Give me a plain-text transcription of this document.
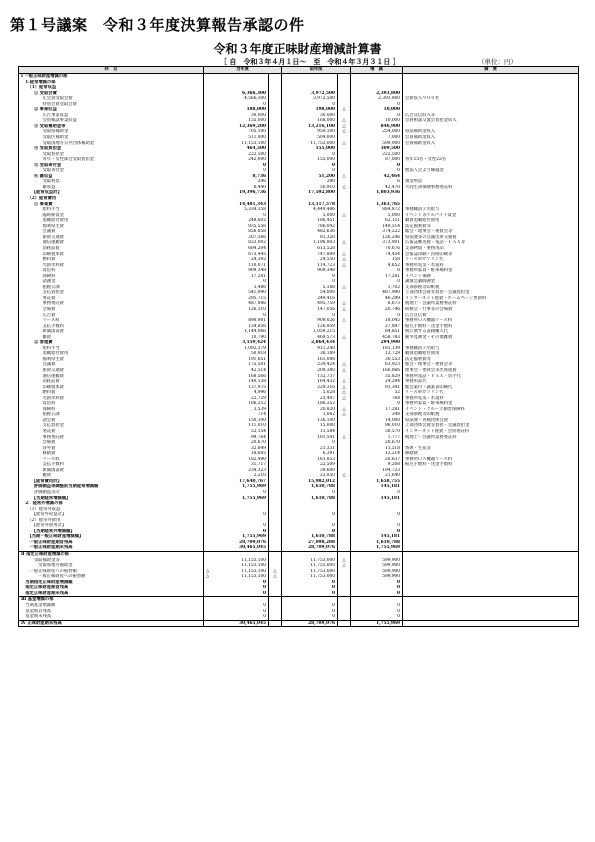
第１号議案　令和３年度決算報告承認の件
令和３年度正味財産増減計算書
［ 自　令和３年４月１日～　至　令和４年３月３１日 ］	（単位：円）
科　目	当年度		前年度		増　減	摘　要
Ⅰ 一般正味財産増減の部						
　1.経常増減の部						
　　（1）経常収益						
　　　① 受取会費	6,366,300		3,972,500		2,393,800	
　　　　　正会員受取会費	4,566,300		3,972,500		2,393,800	会費収入９００社
　　　　　特別会員受取会費	0		0		0	
　　　② 事業収益	188,000		198,000	△	10,000	
　　　　　広告事業収益	30,000		30,000		0	広告宣伝収入等
　　　　　会員相談事業収益	155,000		168,000	△	10,000	会員相談交流会負担金収入
　　　③ 受取補助金等	12,369,200		13,216,100	△	846,900	
　　　　　受取県補助金	705,100		959,100	△	254,000	県法補助金収入
　　　　　受取区補助金	511,000		504,000		7,000	会員補助金収入
　　　　　受取国地方公共団体補助金	11,153,100		11,753,000	△	599,900	会員補助金収入
　　　④ 受取負担金	464,500		155,000		309,500	
　　　　　受取負担金	222,500		0		222,500	
　　　　　青年・女性部会受取負担金	242,000		155,000		87,000	青年15名・女性22名
　　　⑤ 受取寄付金	0		0		0	
　　　　　受取寄付金	0		0		0	他法人会より繰越金
　　　⑥ 雑収益	8,736		51,200	△	42,464	
　　　　　受取利息	296		290		6	預金利息
　　　　　雑収益	8,440		50,910	△	42,470	大同生命保険事務委託料
　　　【経常収益計】	19,396,736		17,592,800		1,803,936	
　　（2）経常費用						
　　　① 事業費	14,481,343		13,117,578		1,363,765	
　　　　　給料手当	5,334,358		4,449,486		884,872	事務職員２名給与
　　　　　臨時雇賃金	0		5,000	△	5,000	イベント等アルバイト賃金
　　　　　退職給付費用	248,602		186,451		62,151	職員退職給付費用
　　　　　福利厚生費	935,556		786,042		149,514	法定福利費等
　　　　　会議費	856,858		482,636		374,222	総会・理事会・委員会等
　　　　　旅費交通費	207,566		81,320		126,246	県法連等の会議出席交通費
　　　　　通信運搬費	823,002		1,196,903	△	373,901	広報誌郵送費・電話・ＦＡＸ等
　　　　　消耗品費	684,204		613,528		70,676	支部物資・事務用品
　　　　　印刷製本費	673,445		747,899	△	74,454	会報誌印刷・封筒印刷等
　　　　　燃料費	24,392		24,550	△	158	リース車ガソリン代
　　　　　光熱水料費	110,071		114,723	△	4,652	事務所電気・水道料
　　　　　賃借料	909,348		909,348		0	事務所家賃・駐車場料金
　　　　　保険料	17,281		0		17,281	イベント保険
　　　　　諸謝金	0		0		0	講演会講師謝金
　　　　　租税公課	3,486		5,188	△	1,702	支部県税等印紙税
　　　　　支払負担金	541,990		54,000		487,990	上部団体会費等負担・会議負担金
　　　　　委託費	295,715		249,416		46,299	インターネット経費・ホームページ更新料
　　　　　事務委託費	487,086		495,759	△	8,673	税理士・会議所業務委託料
　　　　　会場費	126,310		147,056	△	20,746	研修会・行事等の会場費
　　　　　広告費	0		0		0	広告宣伝費
　　　　　リース料	890,981		909,026	△	18,045	事務所ＯＡ機器リース料
　　　　　支払手数料	154,856		126,959		27,897	振込手数料・送金手数料
　　　　　新聞図書費	1,144,066		1,059,215		84,851	税に関する書籍購入代
　　　　　雑費	10,790		469,573	△	458,783	慶弔見舞金・その他雑費
　　　② 管理費	3,159,424		2,864,434		294,990	
　　　　　給料手当	1,092,379		911,240		181,139	事務職員２名給与
　　　　　退職給付費用	50,918		38,189		12,729	職員退職給付費用
　　　　　福利厚生費	191,651		161,098		30,553	法定福利費等
　　　　　会議費	175,501		239,424	△	63,923	総会・理事会・委員会等
　　　　　旅費交通費	42,514		209,380	△	166,866	理事会・委員会等出席旅費
　　　　　通信運搬費	168,566		132,737		35,829	事務所電話・ＦＡＸ・切手代
　　　　　消耗品費	140,138		164,432	△	24,294	事務用品代
　　　　　印刷製本費	137,975		229,316	△	91,341	総会案内・議案書印刷代
　　　　　燃料費	4,996		5,028	△	32	リース車ガソリン代
　　　　　光熱水料費	22,729		23,497	△	768	事務所電気・水道料
　　　　　賃借料	186,252		186,252		0	事務所家賃・駐車場料金
　　　　　保険料	3,539		20,820	△	17,281	イベント・グループ損害保険料
　　　　　租税公課	714		1,062	△	348	支部県税等印紙税
　　　　　諸会費	150,100		136,100		14,000	県法連・各種団体会費
　　　　　支払負担金	111,010		15,000		96,010	上部団体会費等負担・会議負担金
　　　　　委託費	52,154		13,584		38,570	インターネット経費・会員委託料
　　　　　事務委託費	99,764		101,541	△	1,777	税理士・会議所業務委託料
　　　　　会場費	20,670		0		20,670	
　　　　　渉外費	32,849		21,331		11,518	香典・生花等
　　　　　修繕費	18,605		6,391		12,214	修繕費
　　　　　リース料	182,490		161,853		20,637	事務所ＯＡ機器リース料
　　　　　支払手数料	31,717		22,509		9,208	振込手数料・送金手数料
　　　　　新聞図書費	234,323		39,600		194,723	
　　　　　雑費	2,210		23,850	△	21,640	
　　　【経常費用計】	17,640,767		15,982,012		1,658,755	
　　　評価損益等調整前当期経常増減額	1,755,969		1,610,788		145,181	
　　　評価損益等計	0		0		0	
　　　【当期経常増減額】	1,755,969		1,610,788		145,181	
　2．経常外増減の部						
　　（1）経常外収益						
　　　【経常外収益計】	0		0		0	
　　（2）経常外費用						
　　　【経常外費用計】	0		0		0	
　　　【当期経常外増減額】	0		0		0	
　　【当期一般正味財産増減額】	1,755,969		1,610,788		145,181	
　　一般正味財産期首残高	28,709,076		27,098,288		1,610,788	
　　一般正味財産期末残高	30,465,045		28,709,076		1,755,969	
Ⅱ 指定正味財産増減の部						
　　　受取補助金等	11,153,100		11,753,000	△	599,900	
　　　　受取県地方補助金	11,153,100		11,753,000	△	599,900	
　　一般正味財産への振替額	△ 11,153,100	△	11,753,000		599,900	
　　　　一般正味財産への振替額	△ 11,153,100	△	11,753,000		599,900	
　当期指定正味財産増減額	0		0		0	
　指定正味財産期首残高	0		0		0	
　指定正味財産期末残高	0		0		0	
Ⅲ 基金増減の部						
　当期基金増減額	0		0		0	
　基金期首残高	0		0		0	
　基金期末残高	0		0		0	
Ⅳ 正味財産期末残高	30,465,045		28,709,076		1,755,969	
